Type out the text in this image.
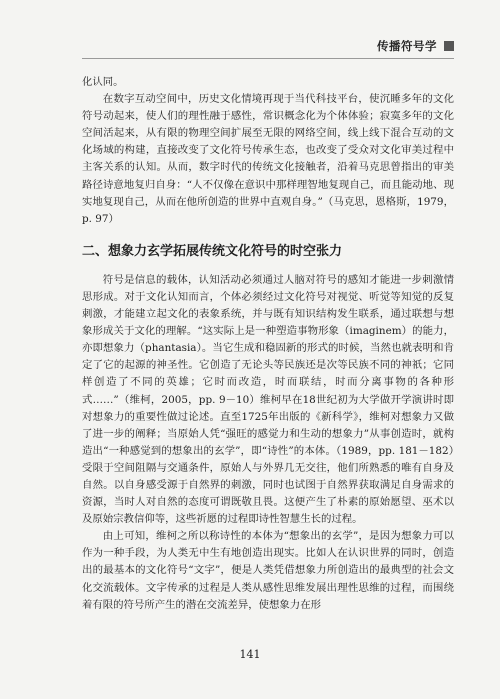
传播符号学

化认同。

在数字互动空间中，历史文化情境再现于当代科技平台，使沉睡多年的文化符号动起来，使人们的理性融于感性，常识概念化为个体体验；寂寞多年的文化空间活起来，从有限的物理空间扩展至无限的网络空间，线上线下混合互动的文化场域的构建，直接改变了文化符号传承生态，也改变了受众对文化审美过程中主客关系的认知。从而，数字时代的传统文化接触者，沿着马克思曾指出的审美路径诗意地复归自身：“人不仅像在意识中那样理智地复现自己，而且能动地、现实地复现自己，从而在他所创造的世界中直观自身。”（马克思，恩格斯，1979，p. 97）

二、想象力玄学拓展传统文化符号的时空张力

符号是信息的载体，认知活动必须通过人脑对符号的感知才能进一步刺激情思形成。对于文化认知而言，个体必须经过文化符号对视觉、听觉等知觉的反复刺激，才能建立起文化的表象系统，并与既有知识结构发生联系，通过联想与想象形成关于文化的理解。“这实际上是一种塑造事物形象（imaginem）的能力，亦即想象力（phantasia）。当它生成和稳固新的形式的时候，当然也就表明和肯定了它的起源的神圣性。它创造了无论头等民族还是次等民族不同的神祇；它同样创造了不同的英雄；它时而改造，时而联结，时而分离事物的各种形式……”（维柯，2005，pp. 9－10）维柯早在18世纪初为大学做开学演讲时即对想象力的重要性做过论述。直至1725年出版的《新科学》，维柯对想象力又做了进一步的阐释；当原始人凭“强旺的感觉力和生动的想象力”从事创造时，就构造出“一种感觉到的想象出的玄学”，即“诗性”的本体。（1989，pp. 181－182）受限于空间阻隔与交通条件，原始人与外界几无交往，他们所熟悉的唯有自身及自然。以自身感受源于自然界的刺激，同时也试图于自然界获取满足自身需求的资源，当时人对自然的态度可谓既敬且畏。这便产生了朴素的原始愿望、巫术以及原始宗教信仰等，这些祈愿的过程即诗性智慧生长的过程。

由上可知，维柯之所以称诗性的本体为“想象出的玄学”，是因为想象力可以作为一种手段，为人类无中生有地创造出现实。比如人在认识世界的同时，创造出的最基本的文化符号“文字”，便是人类凭借想象力所创造出的最典型的社会文化交流载体。文字传承的过程是人类从感性思维发展出理性思维的过程，而围绕着有限的符号所产生的潜在交流差异，使想象力在形

141
